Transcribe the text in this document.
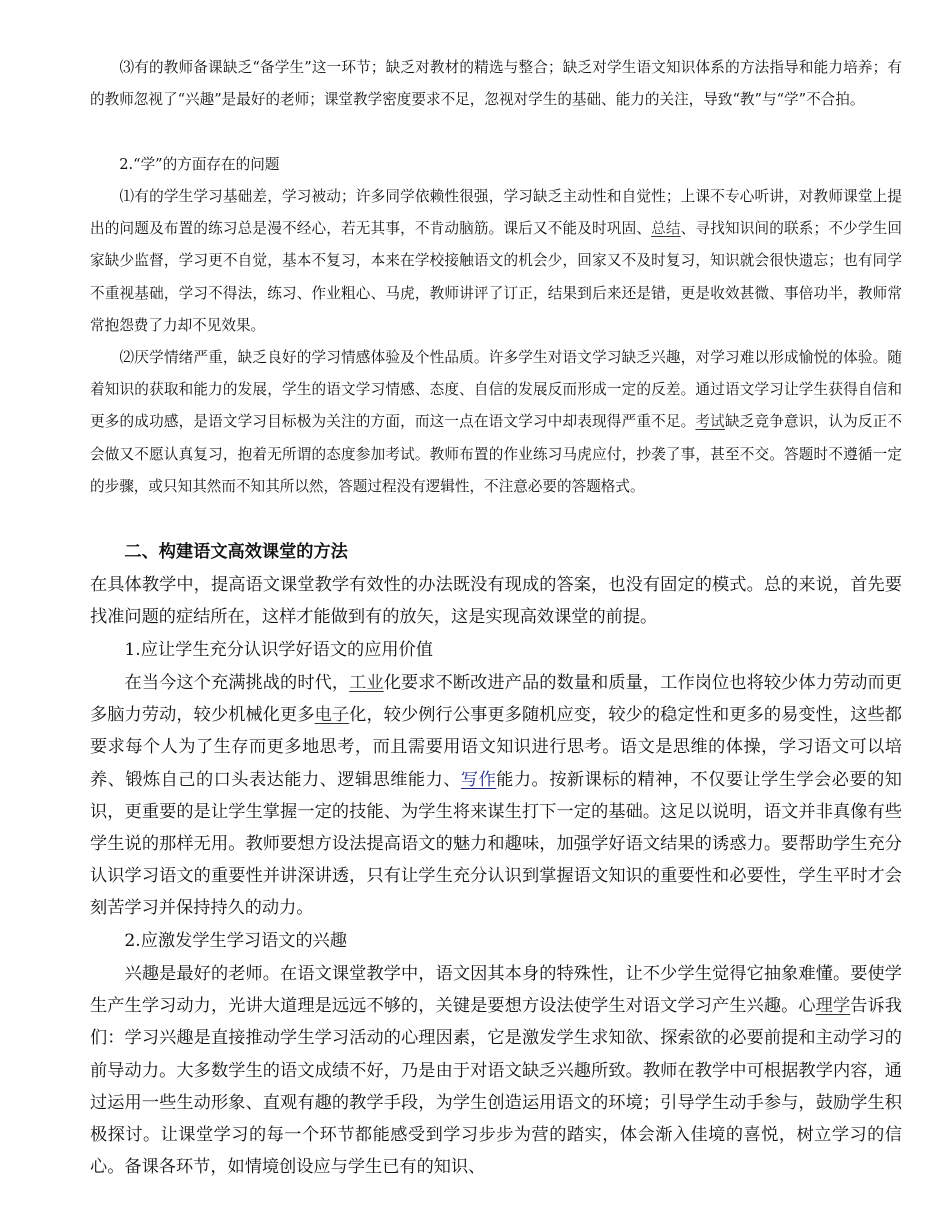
　　⑶有的教师备课缺乏“备学生”这一环节；缺乏对教材的精选与整合；缺乏对学生语文知识体系的方法指导和能力培养；有的教师忽视了“兴趣”是最好的老师；课堂教学密度要求不足，忽视对学生的基础、能力的关注，导致“教”与“学”不合拍。

　　2.“学”的方面存在的问题

　　⑴有的学生学习基础差，学习被动；许多同学依赖性很强，学习缺乏主动性和自觉性；上课不专心听讲，对教师课堂上提出的问题及布置的练习总是漫不经心，若无其事，不肯动脑筋。课后又不能及时巩固、总结、寻找知识间的联系；不少学生回家缺少监督，学习更不自觉，基本不复习，本来在学校接触语文的机会少，回家又不及时复习，知识就会很快遗忘；也有同学不重视基础，学习不得法，练习、作业粗心、马虎，教师讲评了订正，结果到后来还是错，更是收效甚微、事倍功半，教师常常抱怨费了力却不见效果。

　　⑵厌学情绪严重，缺乏良好的学习情感体验及个性品质。许多学生对语文学习缺乏兴趣，对学习难以形成愉悦的体验。随着知识的获取和能力的发展，学生的语文学习情感、态度、自信的发展反而形成一定的反差。通过语文学习让学生获得自信和更多的成功感，是语文学习目标极为关注的方面，而这一点在语文学习中却表现得严重不足。考试缺乏竞争意识，认为反正不会做又不愿认真复习，抱着无所谓的态度参加考试。教师布置的作业练习马虎应付，抄袭了事，甚至不交。答题时不遵循一定的步骤，或只知其然而不知其所以然，答题过程没有逻辑性，不注意必要的答题格式。

　　二、构建语文高效课堂的方法

在具体教学中，提高语文课堂教学有效性的办法既没有现成的答案，也没有固定的模式。总的来说，首先要找准问题的症结所在，这样才能做到有的放矢，这是实现高效课堂的前提。

　　1.应让学生充分认识学好语文的应用价值

　　在当今这个充满挑战的时代，工业化要求不断改进产品的数量和质量，工作岗位也将较少体力劳动而更多脑力劳动，较少机械化更多电子化，较少例行公事更多随机应变，较少的稳定性和更多的易变性，这些都要求每个人为了生存而更多地思考，而且需要用语文知识进行思考。语文是思维的体操，学习语文可以培养、锻炼自己的口头表达能力、逻辑思维能力、写作能力。按新课标的精神，不仅要让学生学会必要的知识，更重要的是让学生掌握一定的技能、为学生将来谋生打下一定的基础。这足以说明，语文并非真像有些学生说的那样无用。教师要想方设法提高语文的魅力和趣味，加强学好语文结果的诱惑力。要帮助学生充分认识学习语文的重要性并讲深讲透，只有让学生充分认识到掌握语文知识的重要性和必要性，学生平时才会刻苦学习并保持持久的动力。

　　2.应激发学生学习语文的兴趣

　　兴趣是最好的老师。在语文课堂教学中，语文因其本身的特殊性，让不少学生觉得它抽象难懂。要使学生产生学习动力，光讲大道理是远远不够的，关键是要想方设法使学生对语文学习产生兴趣。心理学告诉我们：学习兴趣是直接推动学生学习活动的心理因素，它是激发学生求知欲、探索欲的必要前提和主动学习的前导动力。大多数学生的语文成绩不好，乃是由于对语文缺乏兴趣所致。教师在教学中可根据教学内容，通过运用一些生动形象、直观有趣的教学手段，为学生创造运用语文的环境；引导学生动手参与，鼓励学生积极探讨。让课堂学习的每一个环节都能感受到学习步步为营的踏实，体会渐入佳境的喜悦，树立学习的信心。备课各环节，如情境创设应与学生已有的知识、
